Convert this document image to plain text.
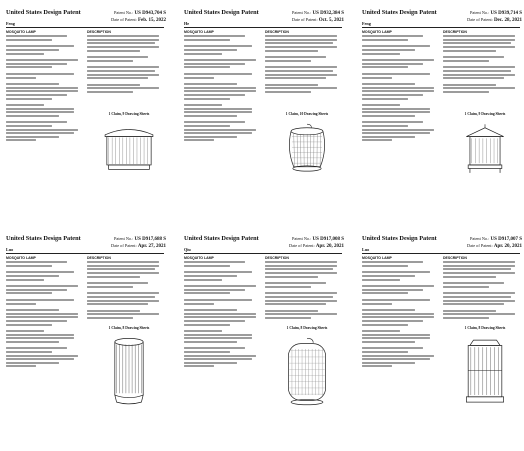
United States Design Patent
Feng
Patent No.: US D943,704 S
Date of Patent: Feb. 15, 2022
MOSQUITO LAMP	DESCRIPTION
1 Claim, 9 Drawing Sheets
United States Design Patent
He
Patent No.: US D932,384 S
Date of Patent: Oct. 5, 2021
MOSQUITO LAMP	DESCRIPTION
1 Claim, 10 Drawing Sheets
United States Design Patent
Feng
Patent No.: US D939,714 S
Date of Patent: Dec. 28, 2021
MOSQUITO LAMP	DESCRIPTION
1 Claim, 9 Drawing Sheets
United States Design Patent
Luo
Patent No.: US D917,688 S
Date of Patent: Apr. 27, 2021
MOSQUITO LAMP	DESCRIPTION
1 Claim, 8 Drawing Sheets
United States Design Patent
Qiu
Patent No.: US D917,008 S
Date of Patent: Apr. 20, 2021
MOSQUITO LAMP	DESCRIPTION
1 Claim, 8 Drawing Sheets
United States Design Patent
Luo
Patent No.: US D917,007 S
Date of Patent: Apr. 20, 2021
MOSQUITO LAMP	DESCRIPTION
1 Claim, 8 Drawing Sheets
